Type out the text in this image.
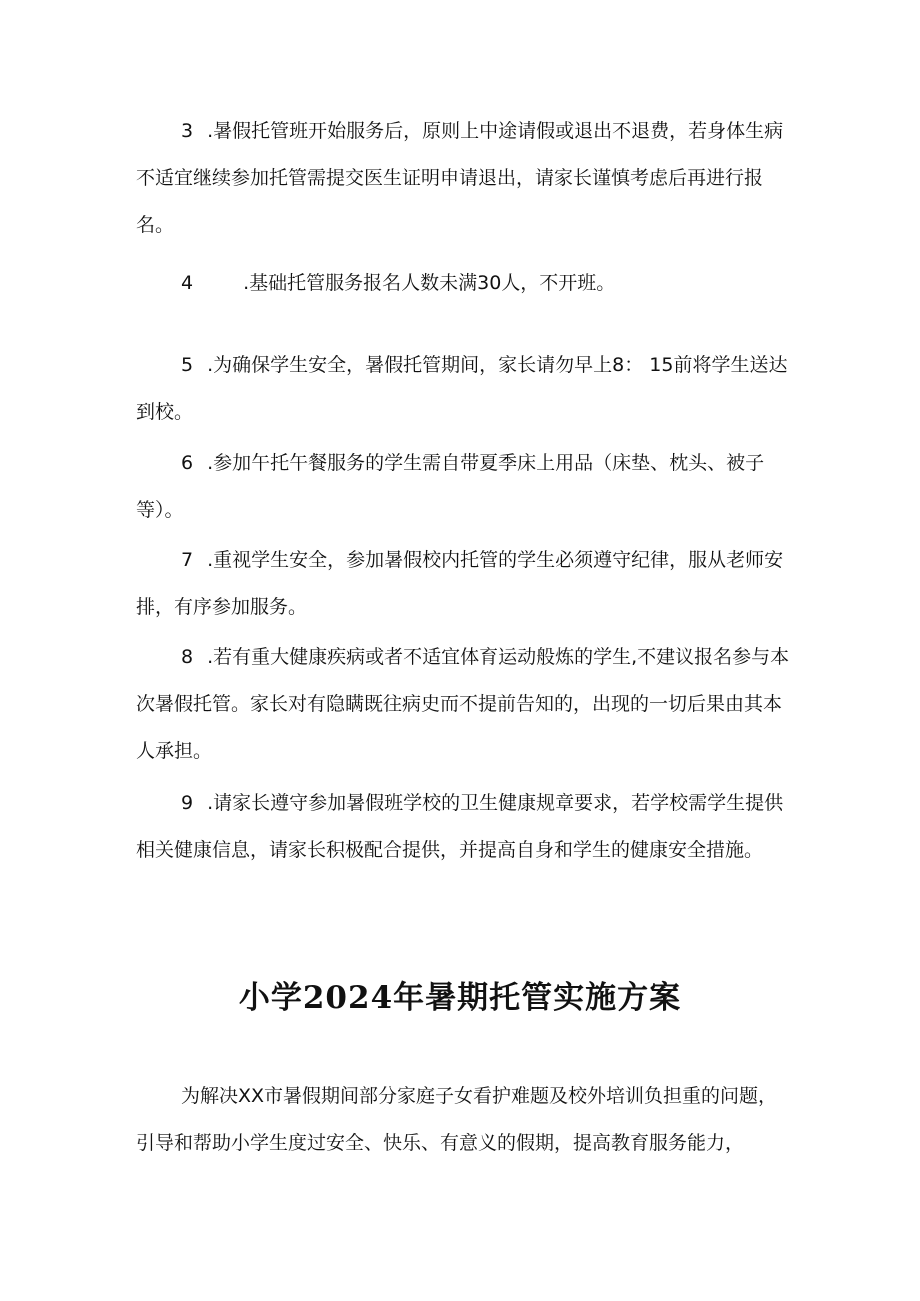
3 .暑假托管班开始服务后，原则上中途请假或退出不退费，若身体生病不适宜继续参加托管需提交医生证明申请退出，请家长谨慎考虑后再进行报名。

4	.基础托管服务报名人数未满30人，不开班。

5 .为确保学生安全，暑假托管期间，家长请勿早上8： 15前将学生送达到校。

6 .参加午托午餐服务的学生需自带夏季床上用品（床垫、枕头、被子等）。

7 .重视学生安全，参加暑假校内托管的学生必须遵守纪律，服从老师安排，有序参加服务。

8 .若有重大健康疾病或者不适宜体育运动般炼的学生,不建议报名参与本次暑假托管。家长对有隐瞒既往病史而不提前告知的，出现的一切后果由其本人承担。

9 .请家长遵守参加暑假班学校的卫生健康规章要求，若学校需学生提供相关健康信息，请家长积极配合提供，并提高自身和学生的健康安全措施。

小学2024年暑期托管实施方案

为解决XX市暑假期间部分家庭子女看护难题及校外培训负担重的问题，引导和帮助小学生度过安全、快乐、有意义的假期，提高教育服务能力，
